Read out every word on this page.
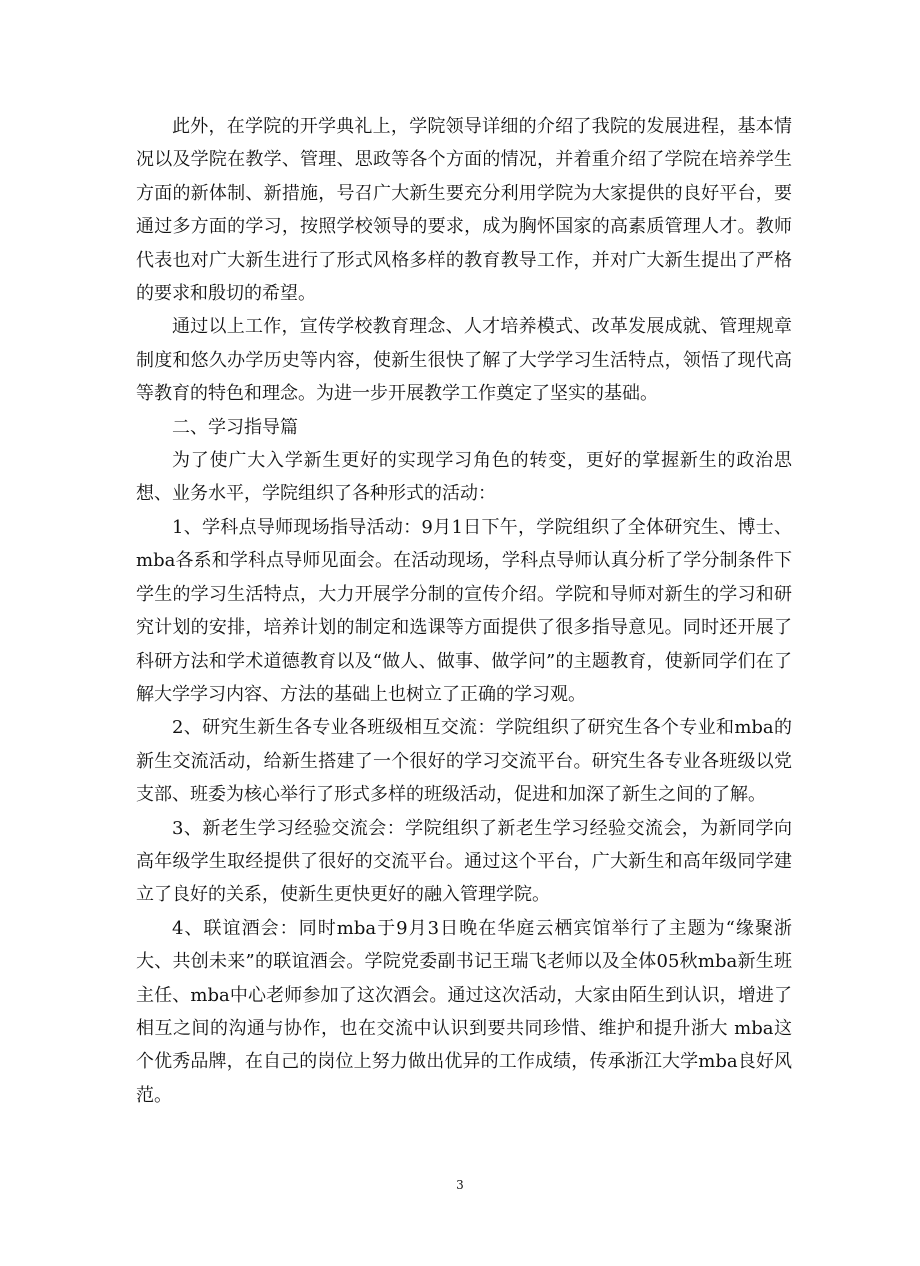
此外，在学院的开学典礼上，学院领导详细的介绍了我院的发展进程，基本情况以及学院在教学、管理、思政等各个方面的情况，并着重介绍了学院在培养学生方面的新体制、新措施，号召广大新生要充分利用学院为大家提供的良好平台，要通过多方面的学习，按照学校领导的要求，成为胸怀国家的高素质管理人才。教师代表也对广大新生进行了形式风格多样的教育教导工作，并对广大新生提出了严格的要求和殷切的希望。

通过以上工作，宣传学校教育理念、人才培养模式、改革发展成就、管理规章制度和悠久办学历史等内容，使新生很快了解了大学学习生活特点，领悟了现代高等教育的特色和理念。为进一步开展教学工作奠定了坚实的基础。

二、学习指导篇

为了使广大入学新生更好的实现学习角色的转变，更好的掌握新生的政治思想、业务水平，学院组织了各种形式的活动：

1、学科点导师现场指导活动：9月1日下午，学院组织了全体研究生、博士、mba各系和学科点导师见面会。在活动现场，学科点导师认真分析了学分制条件下学生的学习生活特点，大力开展学分制的宣传介绍。学院和导师对新生的学习和研究计划的安排，培养计划的制定和选课等方面提供了很多指导意见。同时还开展了科研方法和学术道德教育以及“做人、做事、做学问”的主题教育，使新同学们在了解大学学习内容、方法的基础上也树立了正确的学习观。

2、研究生新生各专业各班级相互交流：学院组织了研究生各个专业和mba的新生交流活动，给新生搭建了一个很好的学习交流平台。研究生各专业各班级以党支部、班委为核心举行了形式多样的班级活动，促进和加深了新生之间的了解。

3、新老生学习经验交流会：学院组织了新老生学习经验交流会，为新同学向高年级学生取经提供了很好的交流平台。通过这个平台，广大新生和高年级同学建立了良好的关系，使新生更快更好的融入管理学院。

4、联谊酒会：同时mba于9月3日晚在华庭云栖宾馆举行了主题为“缘聚浙大、共创未来”的联谊酒会。学院党委副书记王瑞飞老师以及全体05秋mba新生班主任、mba中心老师参加了这次酒会。通过这次活动，大家由陌生到认识，增进了相互之间的沟通与协作，也在交流中认识到要共同珍惜、维护和提升浙大 mba这个优秀品牌，在自己的岗位上努力做出优异的工作成绩，传承浙江大学mba良好风范。

3
